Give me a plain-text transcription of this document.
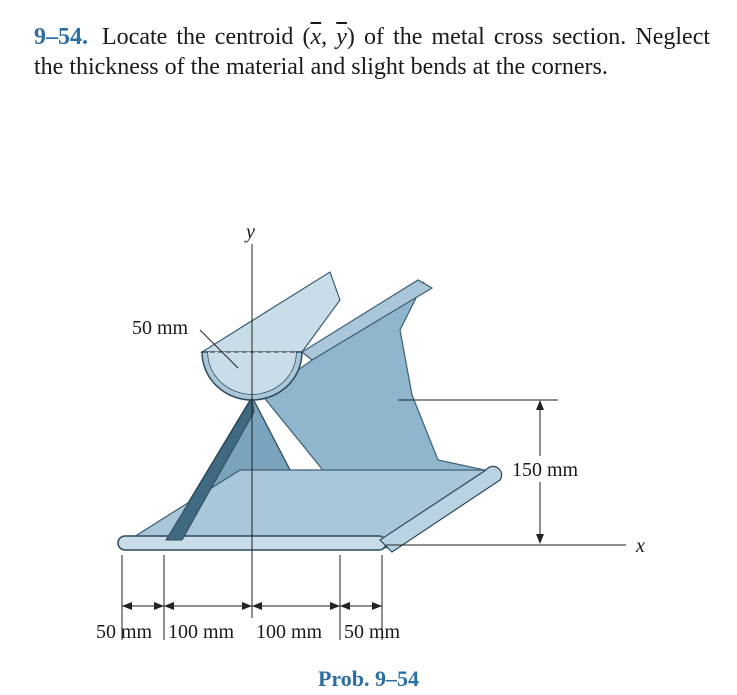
9–54. Locate the centroid ($\overline{x}$, $\overline{y}$) of the metal cross section. Neglect the thickness of the material and slight bends at the corners.
y
x
50 mm
150 mm
50 mm 100 mm 100 mm 50 mm
Prob. 9–54
